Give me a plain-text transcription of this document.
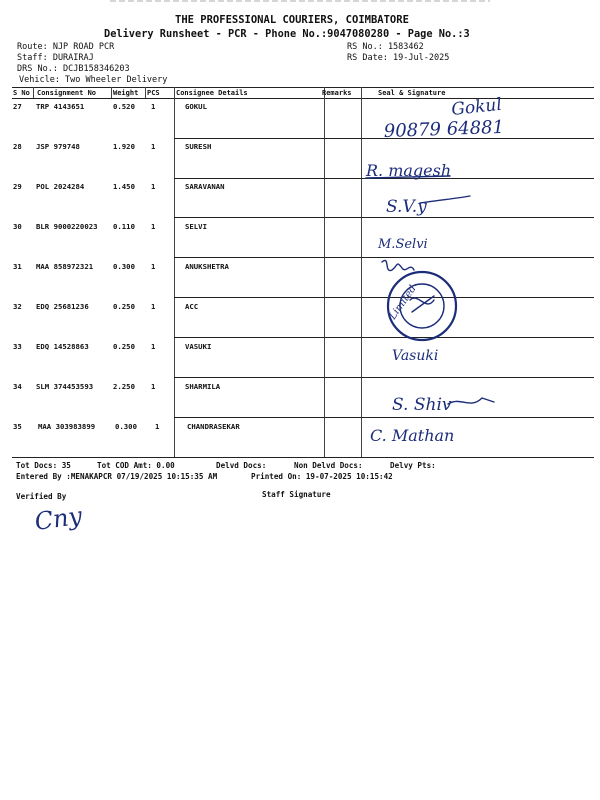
THE PROFESSIONAL COURIERS, COIMBATORE
Delivery Runsheet - PCR - Phone No.:9047080280 - Page No.:3
Route: NJP ROAD PCR
Staff: DURAIRAJ
DRS No.: DCJB158346203
Vehicle: Two Wheeler Delivery
RS No.: 1583462
RS Date: 19-Jul-2025
S No Consignment No Weight PCS Consignee Details	Remarks	Seal & Signature
27 TRP 4143651	0.520 1	GOKUL
28 JSP 979748	1.920 1	SURESH
29 POL 2024284	1.450 1	SARAVANAN
30 BLR 9000220023 0.110 1	SELVI
31 MAA 858972321	0.300 1	ANUKSHETRA
32 EDQ 25681236	0.250 1	ACC
33 EDQ 14528863	0.250 1	VASUKI
34 SLM 374453593	2.250 1	SHARMILA
35 MAA 303983899	0.300 1	CHANDRASEKAR
Gokul
90879 64881
R. magesh
S.V.y
M.Selvi
Limited
Vasuki
S. Shiv
C. Mathan
Cny
Tot Docs: 35	Tot COD Amt: 0.00	Delvd Docs:	Non Delvd Docs:	Delvy Pts:
Entered By :MENAKAPCR 07/19/2025 10:15:35 AM	Printed On: 19-07-2025 10:15:42
Verified By	Staff Signature
